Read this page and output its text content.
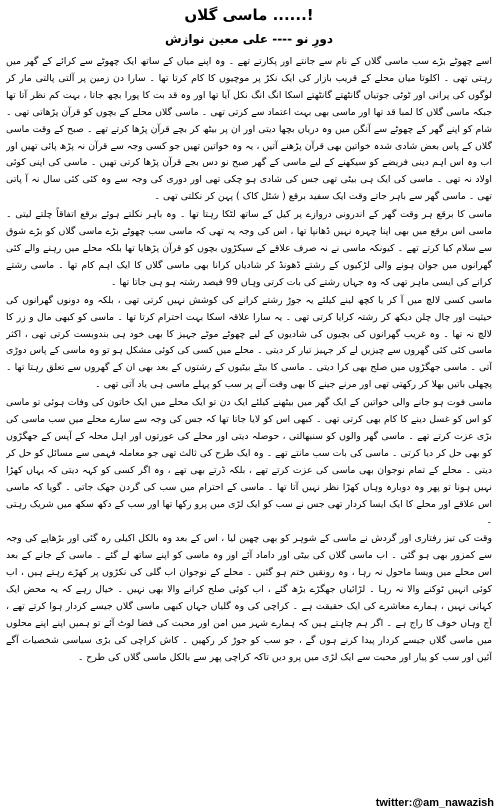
ماسی گلاں ......!
دورِ نو ---- علی معین نوازش

اسے چھوٹے بڑے سب ماسی گلاں کے نام سے جانتے اور پکارتے تھے ۔ وہ اپنے میاں کے ساتھ ایک چھوٹے سے کرائے کے گھر میں رہتی تھی ۔ اکلوتا میاں محلے کے قریب بازار کی ایک نکڑ پر موچیوں کا کام کرتا تھا ۔ سارا دن زمین پر آلتی پالتی مار کر لوگوں کی پرانی اور ٹوٹی جوتیاں گانٹھتے گانٹھتے اسکا انگ انگ نکل آیا تھا اور وہ قد بت کا پورا بچھ جاتا ، بہت کم نظر آتا تھا جبکہ ماسی گلاں کا لمبا قد تھا اور ماسی بھی بہت اعتماد سے کرتی تھی ۔ ماسی گلاں محلے کے بچوں کو قرآن پڑھاتی تھی ۔ شام کو اپنے گھر کے چھوٹے سے آنگن میں وہ دریاں بچھا دیتی اور ان پر بیٹھ کر بچے قرآن پڑھا کرتے تھے ۔ صبح کے وقت ماسی گلاں کے پاس بعض شادی شدہ خواتین بھی قرآن پڑھنے آتیں ، یہ وہ خواتین تھیں جو کسی وجہ سے قرآن نہ پڑھ پائی تھیں اور اب وہ اس اہم دینی فریضے کو سیکھنے کے لیے ماسی کے گھر صبح نو دس بجے قرآن پڑھا کرتی تھیں ۔ ماسی کی اپنی کوئی اولاد نہ تھی ۔ ماسی کی ایک ہی بیٹی تھی جس کی شادی ہو چکی تھی اور دوری کی وجہ سے وہ کئی کئی سال نہ آ پاتی تھی ۔ ماسی گھر سے باہر جاتے وقت ایک سفید برقع ( شٹل کاک ) پہن کر نکلتی تھی ۔

ماسی کا برقع ہر وقت گھر کے اندرونی دروازے پر کیل کے ساتھ لٹکا رہتا تھا ۔ وہ باہر نکلتے ہوئے برقع اتفاقاً چلتے لیتی ۔ ماسی اس برقع میں بھی اپنا چہرہ نہیں ڈھانپا تھا ، اس کی وجہ یہ تھی کہ ماسی سب چھوٹے بڑے ماسی گلاں کو بڑے شوق سے سلام کیا کرتے تھے ۔ کیونکہ ماسی نے نہ صرف علاقے کے سیکڑوں بچوں کو قرآن پڑھایا تھا بلکہ محلے میں رہنے والے کئی گھرانوں میں جوان ہونے والی لڑکیوں کے رشتے ڈھونڈ کر شادیاں کرانا بھی ماسی گلاں کا ایک اہم کام تھا ۔ ماسی رشتے کرانے کی ایسی ماہر تھی کہ وہ جہاں رشتے کی بات کرتی وہاں 99 فیصد رشتہ ہو ہی جاتا تھا ۔

ماسی کسی لالچ میں آ کر یا کچھ لینے کیلئے یہ جوڑ رشتے کرانے کی کوشش نہیں کرتی تھی ، بلکہ وہ دونوں گھرانوں کی حیثیت اور چال چلن دیکھ کر رشتہ کرایا کرتی تھی ۔ یہ سارا علاقہ اسکا بہت احترام کرتا تھا ۔ ماسی کو کبھی مال و زر کا لالچ نہ تھا ۔ وہ غریب گھرانوں کی بچیوں کی شادیوں کے لیے چھوٹے موٹے جہیز کا بھی خود ہی بندوبست کرتی تھی ، اکثر ماسی کئی کئی گھروں سے چیزیں لے کر جہیز تیار کر دیتی ۔ محلے میں کسی کی کوئی مشکل ہو تو وہ ماسی کے پاس دوڑی آتی ۔ ماسی جھگڑوں میں صلح بھی کرا دیتی ۔ ماسی کا بیٹے بیٹیوں کے رشتوں کے بعد بھی ان کے گھروں سے تعلق رہتا تھا ۔ پچھلی باتیں بھلا کر رکھتی تھی اور مرنے جینے کا بھی وقت آنے پر سب کو پہلے ماسی ہی یاد آتی تھی ۔

ماسی فوت ہو جانے والی خواتین کے ایک گھر میں بیٹھنے کیلئے ایک دن تو ایک محلے میں ایک خاتون کی وفات ہوئی تو ماسی کو اس کو غسل دینے کا کام بھی کرتی تھی ۔ کبھی اس کو لایا جاتا تھا کہ جس کی وجہ سے سارے محلے میں سب ماسی کی بڑی عزت کرتے تھے ۔ ماسی گھر والوں کو سنبھالتی ، حوصلہ دیتی اور محلے کی عورتوں اور اہل محلہ کے آپس کے جھگڑوں کو بھی حل کر دیا کرتی ۔ ماسی کی بات سب مانتے تھے ۔ وہ ایک طرح کی ثالث تھی جو معاملہ فہمی سے مسائل کو حل کر دیتی ۔ محلے کے تمام نوجوان بھی ماسی کی عزت کرتے تھے ، بلکہ ڈرتے بھی تھے ، وہ اگر کسی کو کہہ دیتی کہ یہاں کھڑا نہیں ہونا تو پھر وہ دوبارہ وہاں کھڑا نظر نہیں آتا تھا ۔ ماسی کے احترام میں سب کی گردن جھک جاتی ۔ گویا کہ ماسی اس علاقے اور محلے کا ایک ایسا کردار تھی جس نے سب کو ایک لڑی میں پرو رکھا تھا اور سب کے دکھ سکھ میں شریک رہتی ۔

وقت کی تیز رفتاری اور گردش نے ماسی کے شوہر کو بھی چھین لیا ، اس کے بعد وہ بالکل اکیلی رہ گئی اور بڑھاپے کی وجہ سے کمزور بھی ہو گئی ۔ اب ماسی گلاں کی بیٹی اور داماد آئے اور وہ ماسی کو اپنے ساتھ لے گئے ۔ ماسی کے جانے کے بعد اس محلے میں ویسا ماحول نہ رہا ، وہ رونقیں ختم ہو گئیں ۔ محلے کے نوجوان اب گلی کی نکڑوں پر کھڑے رہتے ہیں ، اب کوئی انہیں ٹوکنے والا نہ رہا ۔ لڑائیاں جھگڑے بڑھ گئے ، اب کوئی صلح کرانے والا بھی نہیں ۔ خیال رہے کہ یہ محض ایک کہانی نہیں ، ہمارے معاشرے کی ایک حقیقت ہے ۔ کراچی کی وہ گلیاں جہاں کبھی ماسی گلاں جیسے کردار ہوا کرتے تھے ، آج وہاں خوف کا راج ہے ۔ اگر ہم چاہتے ہیں کہ ہمارے شہر میں امن اور محبت کی فضا لوٹ آئے تو ہمیں اپنے اپنے محلوں میں ماسی گلاں جیسے کردار پیدا کرنے ہوں گے ، جو سب کو جوڑ کر رکھیں ۔ کاش کراچی کی بڑی سیاسی شخصیات آگے آئیں اور سب کو پیار اور محبت سے ایک لڑی میں پرو دیں تاکہ کراچی پھر سے بالکل ماسی گلاں کی طرح ۔

twitter:@am_nawazish
